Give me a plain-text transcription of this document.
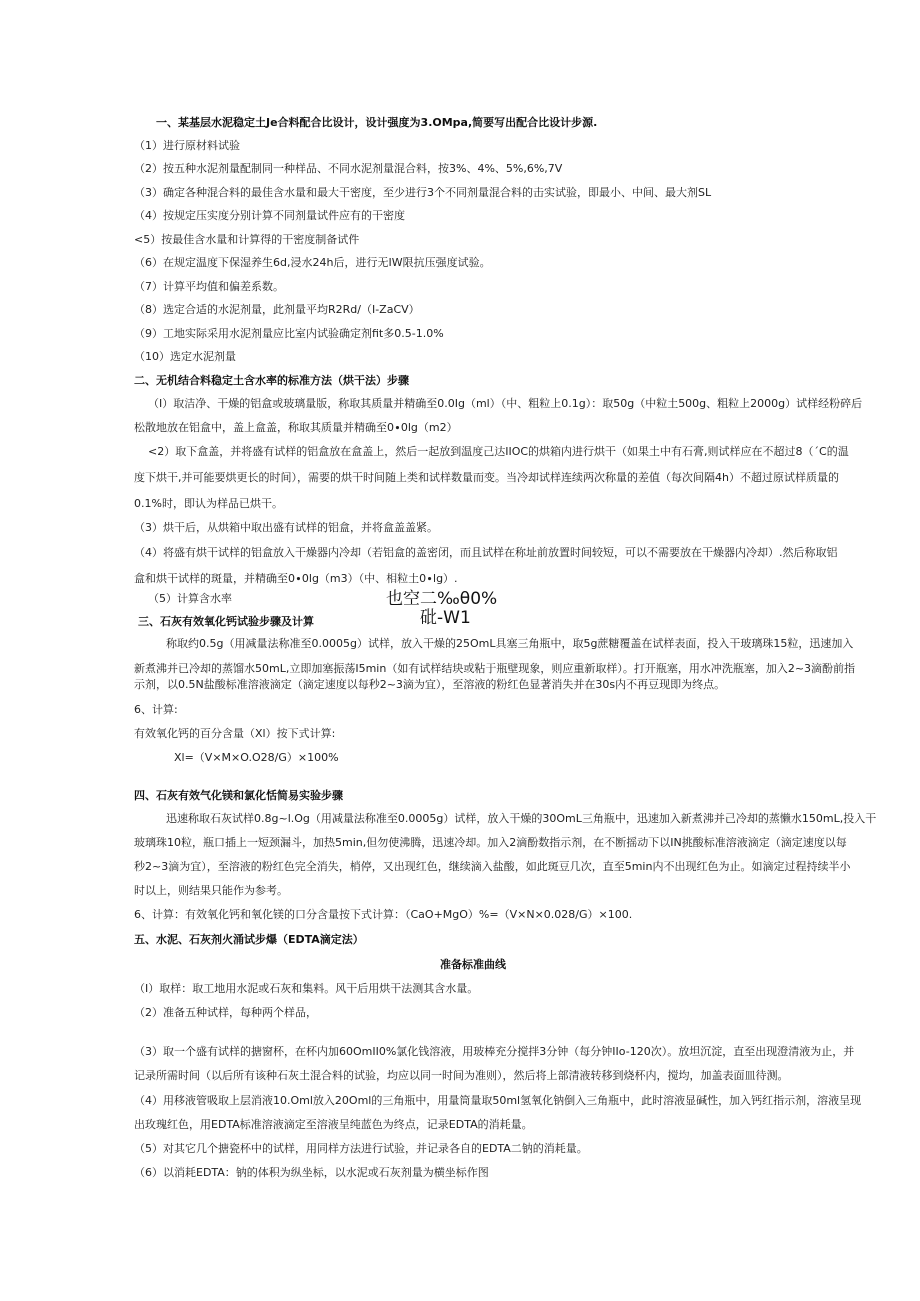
也空二‰θ0%
砒-W1
一、某基层水泥稳定土Je合料配合比设计，设计强度为3.OMpa,简要写出配合比设计步源.
（1）进行原材料试验
（2）按五种水泥剂量配制同一种样品、不同水泥剂量混合料，按3%、4%、5%,6%,7V
（3）确定各种混合料的最佳含水量和最大干密度，至少进行3个不同剂量混合料的击实试验，即最小、中间、最大剂SL
（4）按规定压实度分别计算不同剂量试件应有的干密度
<5）按最佳含水量和计算得的干密度制备试件
（6）在规定温度下保湿养生6d,浸水24h后，进行无IW限抗压强度试验。
（7）计算平均值和偏差系数。
（8）选定合适的水泥剂量，此剂量平均R2Rd∕（I-ZaCV）
（9）工地实际采用水泥剂量应比室内试验确定剂fit多0.5-1.0%
（10）选定水泥剂量
二、无机结合料稳定土含水率的标准方法（烘干法）步骤
（I）取洁净、干燥的铝盒或玻璃量版，称取其质量并精确至0.0Ig（ml）（中、粗粒上0.1g）：取50g（中粒土500g、粗粒上2000g）试样经粉碎后
松散地放在铝盒中，盖上盒盖，称取其质量并精确至0∙0lg（m2）
<2）取下盒盖，并将盛有试样的铝盒放在盒盖上，然后一起放到温度己达IIOC的烘箱内进行烘干（如果土中有石膏,则试样应在不超过8（΄C的温
度下烘干,并可能要烘更长的时间），需要的烘干时间随上类和试样数量而变。当冷却试样连续两次称量的差值（每次间隔4h）不超过原试样质量的
0.1%时，即认为样品已烘干。
（3）烘干后，从烘箱中取出盛有试样的铝盒，并将盒盖盖紧。
（4）将盛有烘干试样的铝盒放入干燥器内冷却（若铝盒的盖密闭，而且试样在称址前放置时间较短，可以不需要放在干燥器内冷却）.然后称取铝
盒和烘干试样的斑量，并精确至0∙0lg（m3）（中、相粒土0∙lg）.
（5）计算含水率
三、石灰有效氧化钙试验步骤及计算
称取约0.5g（用减量法称准至0.0005g）试样，放入干燥的25OmL具塞三角瓶中，取5g蔗糖覆盖在试样表面，投入干玻璃珠15粒，迅速加入
新煮沸并已冷却的蒸馏水50mL,立即加塞振荡I5min（如有试样结块或粘于瓶壁现象，则应重新取样）。打开瓶塞，用水冲洗瓶塞，加入2~3滴酚前指
示剂，以0.5N盐酸标准溶液滴定（滴定速度以每秒2~3滴为宜），至溶液的粉红色显著消失并在30s内不再豆现即为终点。
6、计算:
有效氧化钙的百分含量（Xl）按下式计算:
Xl=（V×M×O.O28∕G）×100%
四、石灰有效气化镁和氯化恬简易实验步骤
迅速称取石灰试样0.8g~l.Og（用减量法称准至0.0005g）试样，放入干燥的30OmL三角瓶中，迅速加入新煮沸并己冷却的蒸懒水150mL,投入干
玻璃珠10粒，瓶口插上一短颈漏斗，加热5min,但勿使沸腾，迅速冷却。加入2滴酚数指示剂，在不断摇动下以IN挑酸标准溶液滴定（滴定速度以每
秒2~3滴为宜），至溶液的粉红色完全消失，梢停，又出现红色，继续滴入盐酸，如此斑豆几次，直至5min内不出现红色为止。如滴定过程持续半小
时以上，则结果只能作为参考。
6、计算：有效氧化钙和氧化镁的口分含量按下式计算：（CaO+MgO）%=（V×N×0.028∕G）×100.
五、水泥、石灰剂火涌试步爆（EDTA滴定法）
准备标准曲线
（I）取样：取工地用水泥或石灰和集料。风干后用烘干法测其含水量。
（2）准备五种试样，每种两个样品，
（3）取一个盛有试样的搪窗杯，在杯内加60OmII0%氯化钱溶液，用玻棒充分搅拌3分钟（每分钟IIo-120次）。放坦沉淀，直至出现澄清液为止，并
记录所需时间（以后所有该种石灰土混合料的试验，均应以同一时间为准则），然后将上部清液转移到烧杯内，搅均，加盖表面皿待测。
（4）用移液管吸取上层消液10.Oml放入20Oml的三角瓶中，用量筒量取50ml氢氧化钠倒入三角瓶中，此时溶液显碱性，加入钙红指示剂，溶液呈现
出玫瑰红色，用EDTA标准溶液滴定至溶液呈纯蓝色为终点，记录EDTA的消耗量。
（5）对其它几个搪瓷杯中的试样，用同样方法进行试验，并记录各自的EDTA二钠的消耗量。
（6）以消耗EDTA：钠的体积为纵坐标，以水泥或石灰剂量为横坐标作图
